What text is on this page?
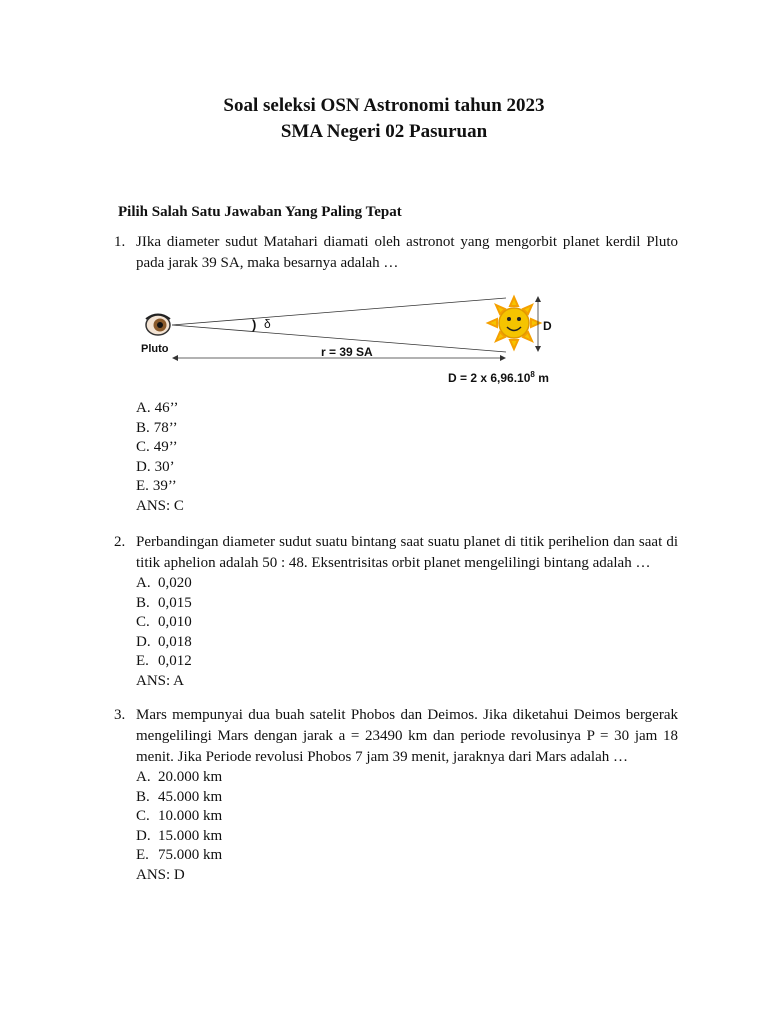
Soal seleksi OSN Astronomi tahun 2023
SMA Negeri 02 Pasuruan
Pilih Salah Satu Jawaban Yang Paling Tepat
1. JIka diameter sudut Matahari diamati oleh astronot yang mengorbit planet kerdil Pluto pada jarak 39 SA, maka besarnya adalah …
Pluto
) δ	D
r = 39 SA
D = 2 x 6,96.10$^8$ m
A. 46’’
B. 78’’
C. 49’’
D. 30’
E. 39’’
ANS: C
2. Perbandingan diameter sudut suatu bintang saat suatu planet di titik perihelion dan saat di titik aphelion adalah 50 : 48. Eksentrisitas orbit planet mengelilingi bintang adalah …
A. 0,020
B. 0,015
C. 0,010
D. 0,018
E. 0,012
ANS: A
3. Mars mempunyai dua buah satelit Phobos dan Deimos. Jika diketahui Deimos bergerak mengelilingi Mars dengan jarak a = 23490 km dan periode revolusinya P = 30 jam 18 menit. Jika Periode revolusi Phobos 7 jam 39 menit, jaraknya dari Mars adalah …
A. 20.000 km
B. 45.000 km
C. 10.000 km
D. 15.000 km
E. 75.000 km
ANS: D
